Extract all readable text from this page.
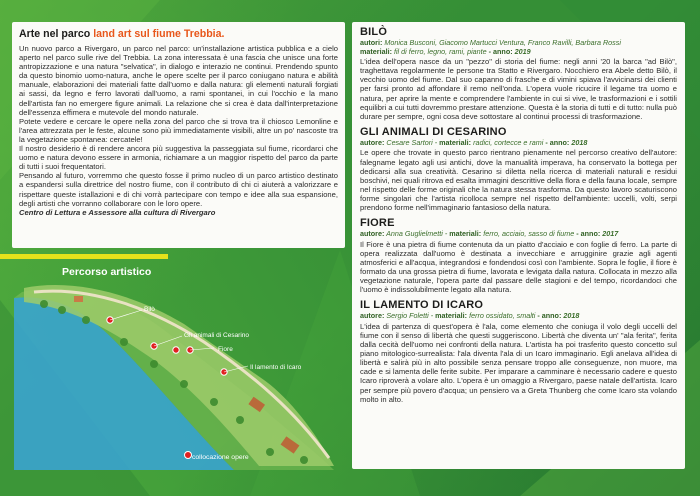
Arte nel parco land art sul fiume Trebbia.

Un nuovo parco a Rivergaro, un parco nel parco: un'installazione artistica pubblica e a cielo aperto nel parco sulle rive del Trebbia. La zona interessata è una fascia che unisce una forte antropizzazione e una natura "selvatica", in dialogo e interazio ne continui. Prendendo spunto da questo binomio uomo-natura, anche le opere scelte per il parco coniugano natura e abilità manuale, elaborazioni dei materiali fatte dall'uomo e dalla natura: gli elementi naturali forgiati ai sassi, da legno e ferro lavorati dall'uomo, a rami spontanei, in cui l'occhio e la mano dell'artista fan no emergere figure animali. La relazione che si crea è data dall'interpretazione dell'essenza effimera e mutevole del mondo naturale.

Potete vedere e cercare le opere nella zona del parco che si trova tra il chiosco Lemonline e l'area attrezzata per le feste, alcune sono più immediatamente visibili, altre un po' nascoste tra la vegetazione spontanea: cercatele!

Il nostro desiderio è di rendere ancora più suggestiva la passeggiata sul fiume, ricordarci che uomo e natura devono essere in armonia, richiamare a un maggior rispetto del parco da parte di tutti i suoi frequentatori.

Pensando al futuro, vorremmo che questo fosse il primo nucleo di un parco artistico destinato a espandersi sulla direttrice del nostro fiume, con il contributo di chi ci aiuterà a valorizzare e rispettare queste istallazioni e di chi vorrà partecipare con tempo e idee alla sua espansione, degli artisti che vorranno collaborare con le loro opere.

Centro di Lettura e Assessore alla cultura di Rivergaro
Percorso artistico
Bilò
Gli animali di Cesarino
Fiore
Il lamento di Icaro
collocazione opere
BILÒ
autori: Monica Busconi, Giacomo Martucci Ventura, Franco Ravilli, Barbara Rossi
materiali: fil di ferro, legno, rami, piante - anno: 2019
L'idea dell'opera nasce da un "pezzo" di storia del fiume: negli anni '20 la barca "ad Bilò", traghettava regolarmente le persone tra Statto e Rivergaro. Nocchiero era Abele detto Bilò, il vecchio uomo del fiume. Dal suo capanno di frasche e di vimini spiava l'avvicinarsi dei clienti per farsi pronto ad affondare il remo nell'onda. L'opera vuole ricucire il legame tra uomo e natura, per aprire la mente e comprendere l'ambiente in cui si vive, le trasformazioni e i sottili equilibri a cui tutti dovremmo prestare attenzione. Questa è la storia di tutti e di tutto: nulla può durare per sempre, ogni cosa deve sottostare al continui processi di trasformazione.
GLI ANIMALI DI CESARINO
autore: Cesare Sartori - materiali: radici, cortecce e rami - anno: 2018
Le opere che trovate in questo parco rientrano pienamente nel percorso creativo dell'autore: falegname legato agli usi antichi, dove la manualità imperava, ha conservato la bottega per dedicarsi alla sua creatività. Cesarino si diletta nella ricerca di materiali naturali e residui boschivi, nei quali ritrova ed esalta immagini descrittive della flora e della fauna locale, sempre nel rispetto delle forme originali che la natura stessa trasforma. Da questo lavoro scaturiscono forme singolari che l'artista ricolloca sempre nel rispetto dell'ambiente: uccelli, volti, serpi prendono forme nell'immaginario fantasioso della natura.
FIORE
autore: Anna Guglielmetti - materiali: ferro, acciaio, sasso di fiume - anno: 2017
Il Fiore è una pietra di fiume contenuta da un piatto d'acciaio e con foglie di ferro. La parte di opera realizzata dall'uomo è destinata a invecchiare e arrugginire grazie agli agenti atmosferici e all'acqua, integrandosi e fondendosi così con l'ambiente. Sopra le foglie, il fiore è formato da una grossa pietra di fiume, lavorata e levigata dalla natura. Collocata in mezzo alla vegetazione naturale, l'opera parte dal passare delle stagioni e del tempo, ricordandoci che l'uomo è indissolubilmente legato alla natura.
IL LAMENTO DI ICARO
autore: Sergio Foletti - materiali: ferro ossidato, smalti - anno: 2018
L'idea di partenza di quest'opera è l'ala, come elemento che coniuga il volo degli uccelli del fiume con il senso di libertà che questi suggeriscono. Libertà che diventa un' "ala ferita", ferita dalla cecità dell'uomo nei confronti della natura. L'artista ha poi trasferito questo concetto sul piano mitologico-surrealista: l'ala diventa l'ala di un Icaro immaginario. Egli anelava all'idea di libertà e salirà più in alto possibile senza pensare troppo alle conseguenze, non muore, ma cade e si lamenta delle ferite subite. Per imparare a camminare è necessario cadere e questo Icaro riproverà a volare alto. L'opera è un omaggio a Rivergaro, paese natale dell'artista. Icaro per sempre più povero d'acqua; un pensiero va a Greta Thunberg che come Icaro sta volando molto in alto.
